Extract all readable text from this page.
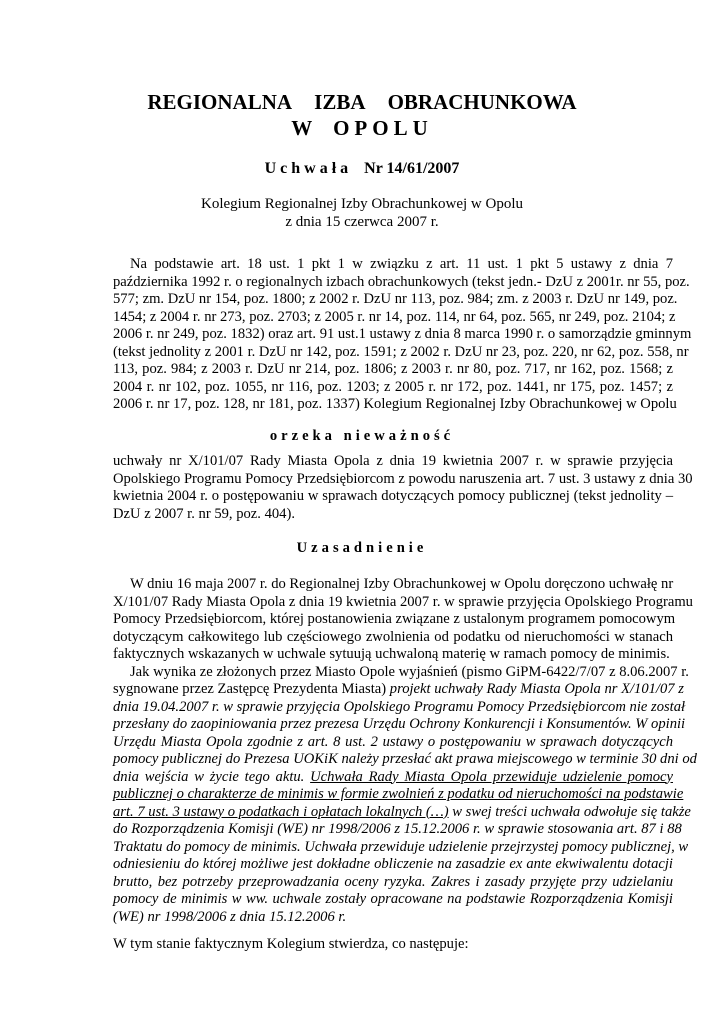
REGIONALNA IZBA OBRACHUNKOWA
W OPOLU
Uchwała Nr 14/61/2007
Kolegium Regionalnej Izby Obrachunkowej w Opolu
z dnia 15 czerwca 2007 r.
Na podstawie art. 18 ust. 1 pkt 1 w związku z art. 11 ust. 1 pkt 5 ustawy z dnia 7
października 1992 r. o regionalnych izbach obrachunkowych (tekst jedn.- DzU z 2001r. nr 55, poz.
577; zm. DzU nr 154, poz. 1800; z 2002 r. DzU nr 113, poz. 984; zm. z 2003 r. DzU nr 149, poz.
1454; z 2004 r. nr 273, poz. 2703; z 2005 r. nr 14, poz. 114, nr 64, poz. 565, nr 249, poz. 2104; z
2006 r. nr 249, poz. 1832) oraz art. 91 ust.1 ustawy z dnia 8 marca 1990 r. o samorządzie gminnym
(tekst jednolity z 2001 r. DzU nr 142, poz. 1591; z 2002 r. DzU nr 23, poz. 220, nr 62, poz. 558, nr
113, poz. 984; z 2003 r. DzU nr 214, poz. 1806; z 2003 r. nr 80, poz. 717, nr 162, poz. 1568; z
2004 r. nr 102, poz. 1055, nr 116, poz. 1203; z 2005 r. nr 172, poz. 1441, nr 175, poz. 1457; z
2006 r. nr 17, poz. 128, nr 181, poz. 1337) Kolegium Regionalnej Izby Obrachunkowej w Opolu
orzeka nieważność
uchwały nr X/101/07 Rady Miasta Opola z dnia 19 kwietnia 2007 r. w sprawie przyjęcia
Opolskiego Programu Pomocy Przedsiębiorcom z powodu naruszenia art. 7 ust. 3 ustawy z dnia 30
kwietnia 2004 r. o postępowaniu w sprawach dotyczących pomocy publicznej (tekst jednolity –
DzU z 2007 r. nr 59, poz. 404).
Uzasadnienie
W dniu 16 maja 2007 r. do Regionalnej Izby Obrachunkowej w Opolu doręczono uchwałę nr
X/101/07 Rady Miasta Opola z dnia 19 kwietnia 2007 r. w sprawie przyjęcia Opolskiego Programu
Pomocy Przedsiębiorcom, której postanowienia związane z ustalonym programem pomocowym
dotyczącym całkowitego lub częściowego zwolnienia od podatku od nieruchomości w stanach
faktycznych wskazanych w uchwale sytuują uchwaloną materię w ramach pomocy de minimis.
Jak wynika ze złożonych przez Miasto Opole wyjaśnień (pismo GiPM-6422/7/07 z 8.06.2007 r.
sygnowane przez Zastępcę Prezydenta Miasta) projekt uchwały Rady Miasta Opola nr X/101/07 z
dnia 19.04.2007 r. w sprawie przyjęcia Opolskiego Programu Pomocy Przedsiębiorcom nie został
przesłany do zaopiniowania przez prezesa Urzędu Ochrony Konkurencji i Konsumentów. W opinii
Urzędu Miasta Opola zgodnie z art. 8 ust. 2 ustawy o postępowaniu w sprawach dotyczących
pomocy publicznej do Prezesa UOKiK należy przesłać akt prawa miejscowego w terminie 30 dni od
dnia wejścia w życie tego aktu. Uchwała Rady Miasta Opola przewiduje udzielenie pomocy
publicznej o charakterze de minimis w formie zwolnień z podatku od nieruchomości na podstawie
art. 7 ust. 3 ustawy o podatkach i opłatach lokalnych (…) w swej treści uchwała odwołuje się także
do Rozporządzenia Komisji (WE) nr 1998/2006 z 15.12.2006 r. w sprawie stosowania art. 87 i 88
Traktatu do pomocy de minimis. Uchwała przewiduje udzielenie przejrzystej pomocy publicznej, w
odniesieniu do której możliwe jest dokładne obliczenie na zasadzie ex ante ekwiwalentu dotacji
brutto, bez potrzeby przeprowadzania oceny ryzyka. Zakres i zasady przyjęte przy udzielaniu
pomocy de minimis w ww. uchwale zostały opracowane na podstawie Rozporządzenia Komisji
(WE) nr 1998/2006 z dnia 15.12.2006 r.
W tym stanie faktycznym Kolegium stwierdza, co następuje:
